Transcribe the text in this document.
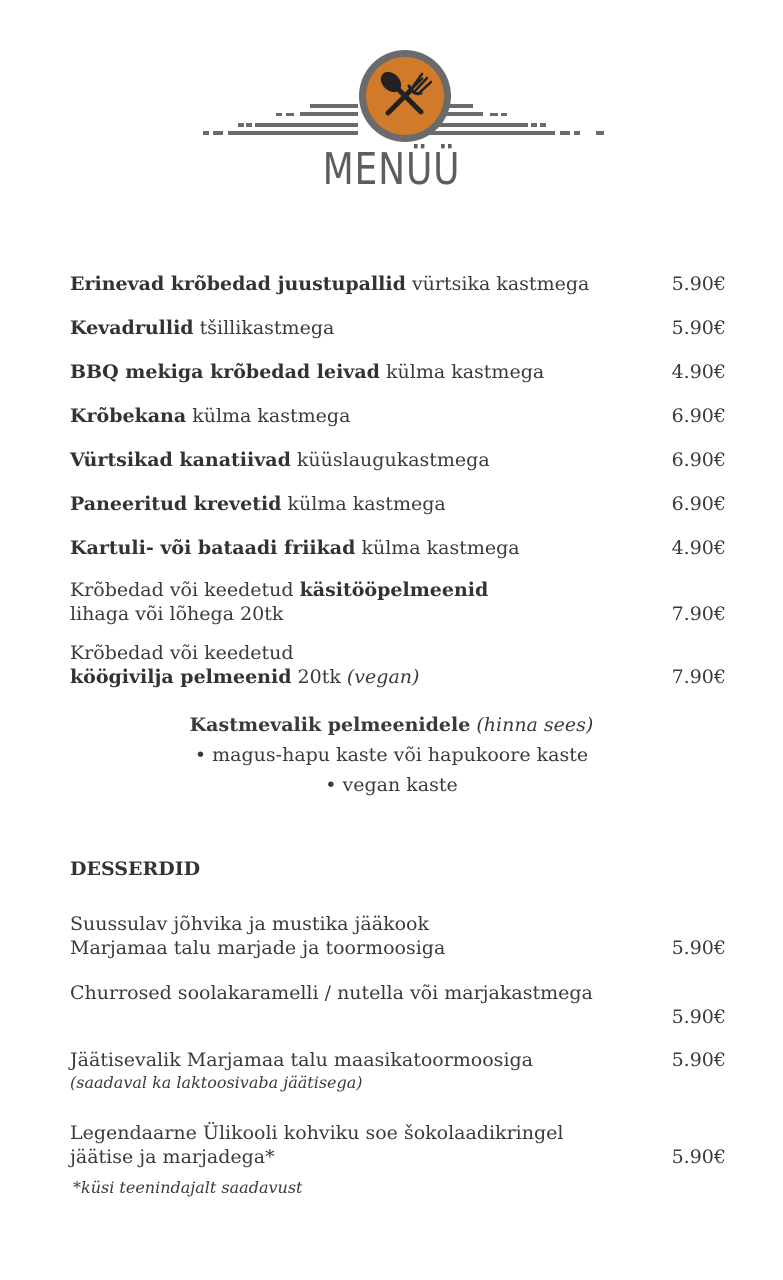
MENÜÜ
Erinevad krõbedad juustupallid vürtsika kastmega	5.90€
Kevadrullid tšillikastmega	5.90€
BBQ mekiga krõbedad leivad külma kastmega	4.90€
Krõbekana külma kastmega	6.90€
Vürtsikad kanatiivad küüslaugukastmega	6.90€
Paneeritud krevetid külma kastmega	6.90€
Kartuli- või bataadi friikad külma kastmega	4.90€
Krõbedad või keedetud käsitööpelmeenid
lihaga või lõhega 20tk	7.90€
Krõbedad või keedetud
köögivilja pelmeenid 20tk (vegan)	7.90€
Kastmevalik pelmeenidele (hinna sees)
• magus-hapu kaste või hapukoore kaste
• vegan kaste
DESSERDID
Suussulav jõhvika ja mustika jääkook
Marjamaa talu marjade ja toormoosiga	5.90€
Churrosed soolakaramelli / nutella või marjakastmega

5.90€
Jäätisevalik Marjamaa talu maasikatoormoosiga
(saadaval ka laktoosivaba jäätisega)
5.90€
Legendaarne Ülikooli kohviku soe šokolaadikringel
jäätise ja marjadega*	5.90€
*küsi teenindajalt saadavust
